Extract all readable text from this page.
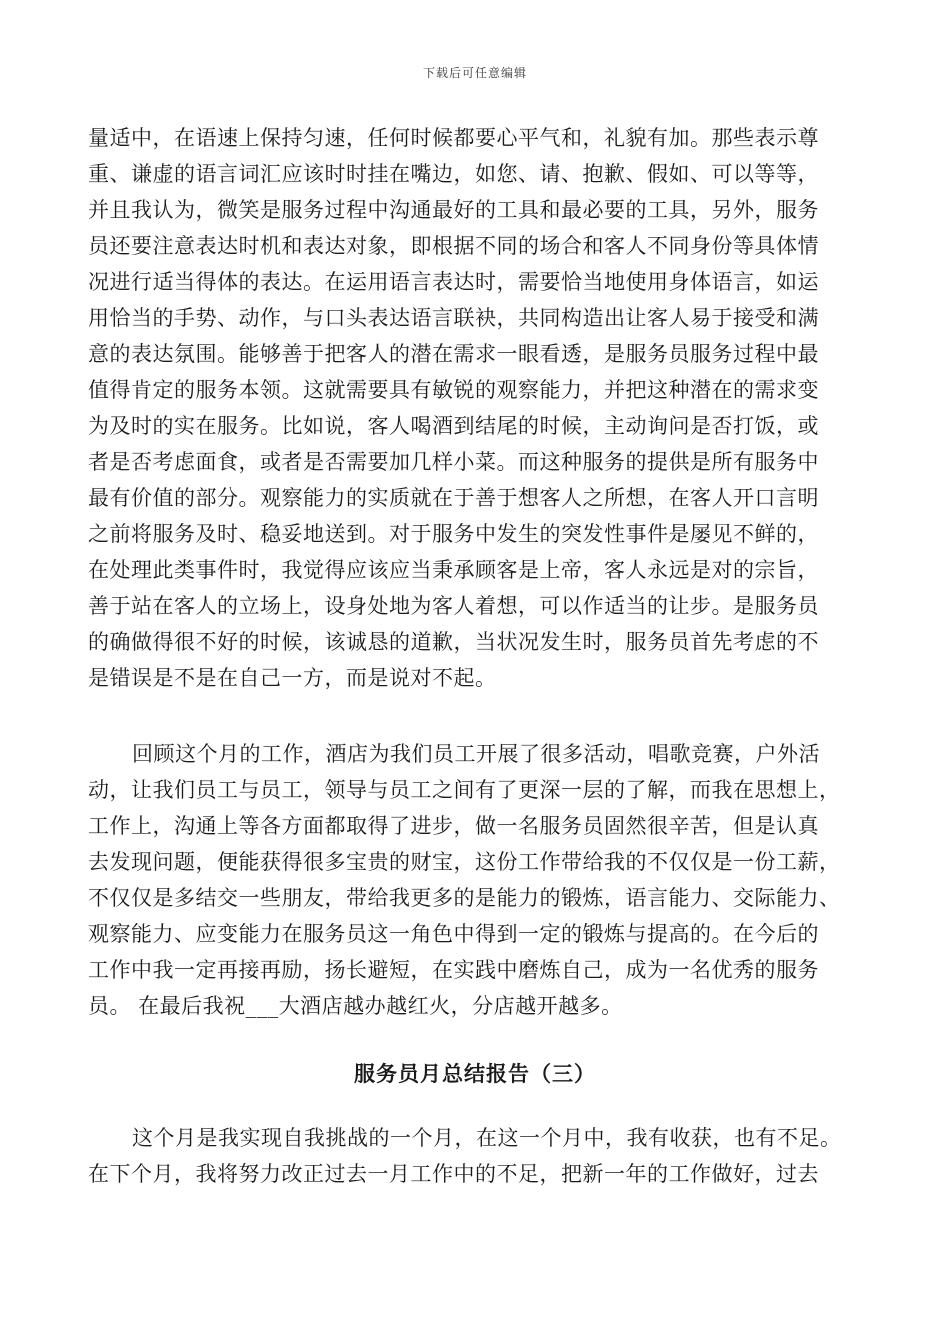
下载后可任意编辑
量适中，在语速上保持匀速，任何时候都要心平气和，礼貌有加。那些表示尊
重、谦虚的语言词汇应该时时挂在嘴边，如您、请、抱歉、假如、可以等等，
并且我认为，微笑是服务过程中沟通最好的工具和最必要的工具，另外，服务
员还要注意表达时机和表达对象，即根据不同的场合和客人不同身份等具体情
况进行适当得体的表达。在运用语言表达时，需要恰当地使用身体语言，如运
用恰当的手势、动作，与口头表达语言联袂，共同构造出让客人易于接受和满
意的表达氛围。能够善于把客人的潜在需求一眼看透，是服务员服务过程中最
值得肯定的服务本领。这就需要具有敏锐的观察能力，并把这种潜在的需求变
为及时的实在服务。比如说，客人喝酒到结尾的时候，主动询问是否打饭，或
者是否考虑面食，或者是否需要加几样小菜。而这种服务的提供是所有服务中
最有价值的部分。观察能力的实质就在于善于想客人之所想，在客人开口言明
之前将服务及时、稳妥地送到。对于服务中发生的突发性事件是屡见不鲜的，
在处理此类事件时，我觉得应该应当秉承顾客是上帝，客人永远是对的宗旨，
善于站在客人的立场上，设身处地为客人着想，可以作适当的让步。是服务员
的确做得很不好的时候，该诚恳的道歉，当状况发生时，服务员首先考虑的不
是错误是不是在自己一方，而是说对不起。
回顾这个月的工作，酒店为我们员工开展了很多活动，唱歌竞赛，户外活
动，让我们员工与员工，领导与员工之间有了更深一层的了解，而我在思想上，
工作上，沟通上等各方面都取得了进步，做一名服务员固然很辛苦，但是认真
去发现问题，便能获得很多宝贵的财宝，这份工作带给我的不仅仅是一份工薪，
不仅仅是多结交一些朋友，带给我更多的是能力的锻炼，语言能力、交际能力、
观察能力、应变能力在服务员这一角色中得到一定的锻炼与提高的。在今后的
工作中我一定再接再励，扬长避短，在实践中磨炼自己，成为一名优秀的服务
员。 在最后我祝___大酒店越办越红火，分店越开越多。
服务员月总结报告（三）
这个月是我实现自我挑战的一个月，在这一个月中，我有收获，也有不足。
在下个月，我将努力改正过去一月工作中的不足，把新一年的工作做好，过去
